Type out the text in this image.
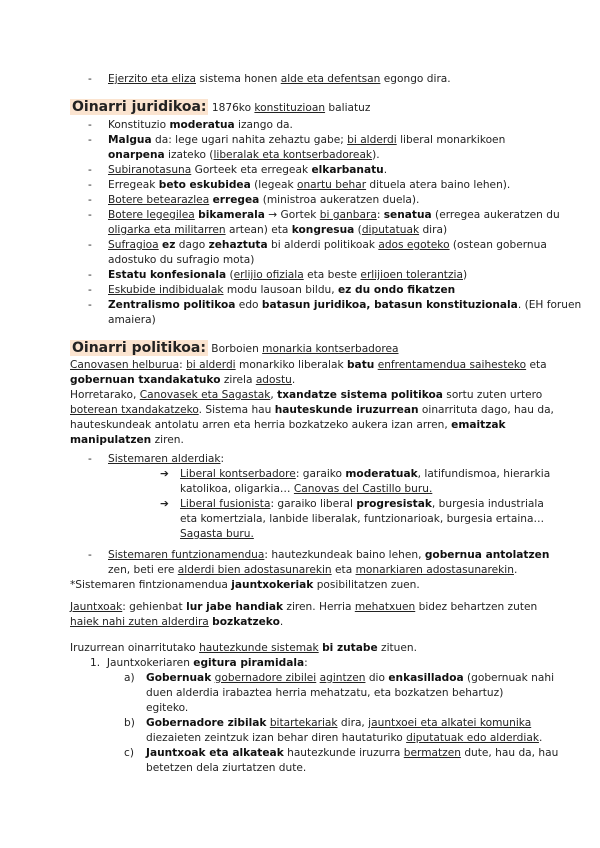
- Ejerzito eta eliza sistema honen alde eta defentsan egongo dira.
Oinarri juridikoa: 1876ko konstituzioan baliatuz
- Konstituzio moderatua izango da.
- Malgua da: lege ugari nahita zehaztu gabe; bi alderdi liberal monarkikoen
onarpena izateko (liberalak eta kontserbadoreak).
- Subiranotasuna Gorteek eta erregeak elkarbanatu.
- Erregeak beto eskubidea (legeak onartu behar dituela atera baino lehen).
- Botere betearazlea erregea (ministroa aukeratzen duela).
- Botere legegilea bikamerala → Gortek bi ganbara: senatua (erregea aukeratzen du
oligarka eta militarren artean) eta kongresua (diputatuak dira)
- Sufragioa ez dago zehaztuta bi alderdi politikoak ados egoteko (ostean gobernua
adostuko du sufragio mota)
- Estatu konfesionala (erlijio ofiziala eta beste erlijioen tolerantzia)
- Eskubide indibidualak modu lausoan bildu, ez du ondo fikatzen
- Zentralismo politikoa edo batasun juridikoa, batasun konstituzionala. (EH foruen
amaiera)
Oinarri politikoa: Borboien monarkia kontserbadorea
Canovasen helburua: bi alderdi monarkiko liberalak batu enfrentamendua saihesteko eta
gobernuan txandakatuko zirela adostu.
Horretarako, Canovasek eta Sagastak, txandatze sistema politikoa sortu zuten urtero
boterean txandakatzeko. Sistema hau hauteskunde iruzurrean oinarrituta dago, hau da,
hauteskundeak antolatu arren eta herria bozkatzeko aukera izan arren, emaitzak
manipulatzen ziren.
- Sistemaren alderdiak:
➔ Liberal kontserbadore: garaiko moderatuak, latifundismoa, hierarkia
katolikoa, oligarkia… Canovas del Castillo buru.
➔ Liberal fusionista: garaiko liberal progresistak, burgesia industriala
eta komertziala, lanbide liberalak, funtzionarioak, burgesia ertaina…
Sagasta buru.
- Sistemaren funtzionamendua: hautezkundeak baino lehen, gobernua antolatzen
zen, beti ere alderdi bien adostasunarekin eta monarkiaren adostasunarekin.
*Sistemaren fintzionamendua jauntxokeriak posibilitatzen zuen.
Jauntxoak: gehienbat lur jabe handiak ziren. Herria mehatxuen bidez behartzen zuten
haiek nahi zuten alderdira bozkatzeko.
Iruzurrean oinarritutako hautezkunde sistemak bi zutabe zituen.
1. Jauntxokeriaren egitura piramidala:
a) Gobernuak gobernadore zibilei agintzen dio enkasilladoa (gobernuak nahi
duen alderdia irabaztea herria mehatzatu, eta bozkatzen behartuz)
egiteko.
b) Gobernadore zibilak bitartekariak dira, jauntxoei eta alkatei komunika
diezaieten zeintzuk izan behar diren hautaturiko diputatuak edo alderdiak.
c) Jauntxoak eta alkateak hautezkunde iruzurra bermatzen dute, hau da, hau
betetzen dela ziurtatzen dute.
